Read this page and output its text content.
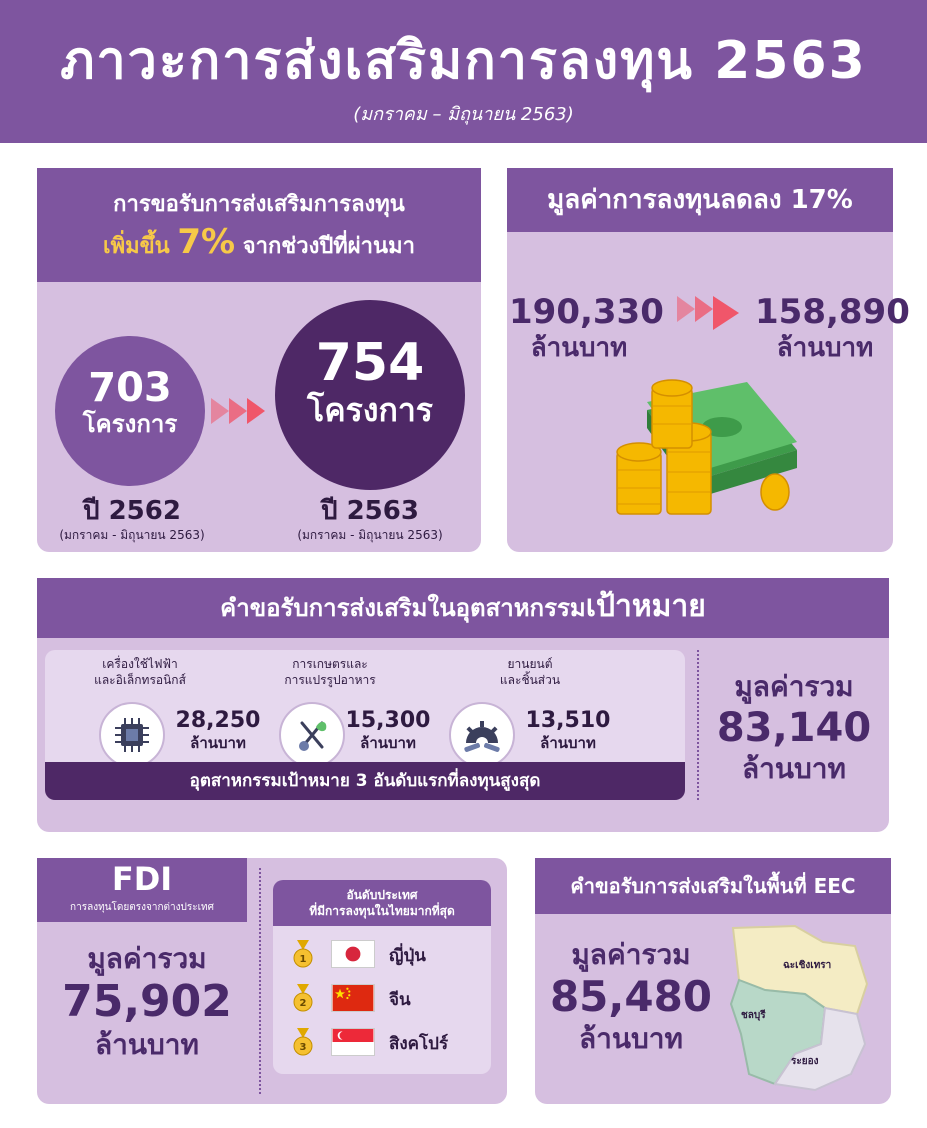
ภาวะการส่งเสริมการลงทุน 2563
(มกราคม – มิถุนายน 2563)
การขอรับการส่งเสริมการลงทุน
เพิ่มขึ้น 7% จากช่วงปีที่ผ่านมา
703
โครงการ
754
โครงการ
ปี 2562
(มกราคม - มิถุนายน 2563)
ปี 2563
(มกราคม - มิถุนายน 2563)
มูลค่าการลงทุนลดลง 17%
190,330
ล้านบาท
158,890
ล้านบาท
คำขอรับการส่งเสริมในอุตสาหกรรมเป้าหมาย
เครื่องใช้ไฟฟ้า
และอิเล็กทรอนิกส์
28,250
ล้านบาท
การเกษตรและ
การแปรรูปอาหาร
15,300
ล้านบาท
ยานยนต์
และชิ้นส่วน
13,510
ล้านบาท
อุตสาหกรรมเป้าหมาย 3 อันดับแรกที่ลงทุนสูงสุด
มูลค่ารวม
83,140
ล้านบาท
FDI
การลงทุนโดยตรงจากต่างประเทศ
มูลค่ารวม
75,902
ล้านบาท
อันดับประเทศ
ที่มีการลงทุนในไทยมากที่สุด
1	ญี่ปุ่น
2	จีน
3	สิงคโปร์
คำขอรับการส่งเสริมในพื้นที่ EEC
มูลค่ารวม
85,480
ล้านบาท
ฉะเชิงเทรา
ชลบุรี
ระยอง
